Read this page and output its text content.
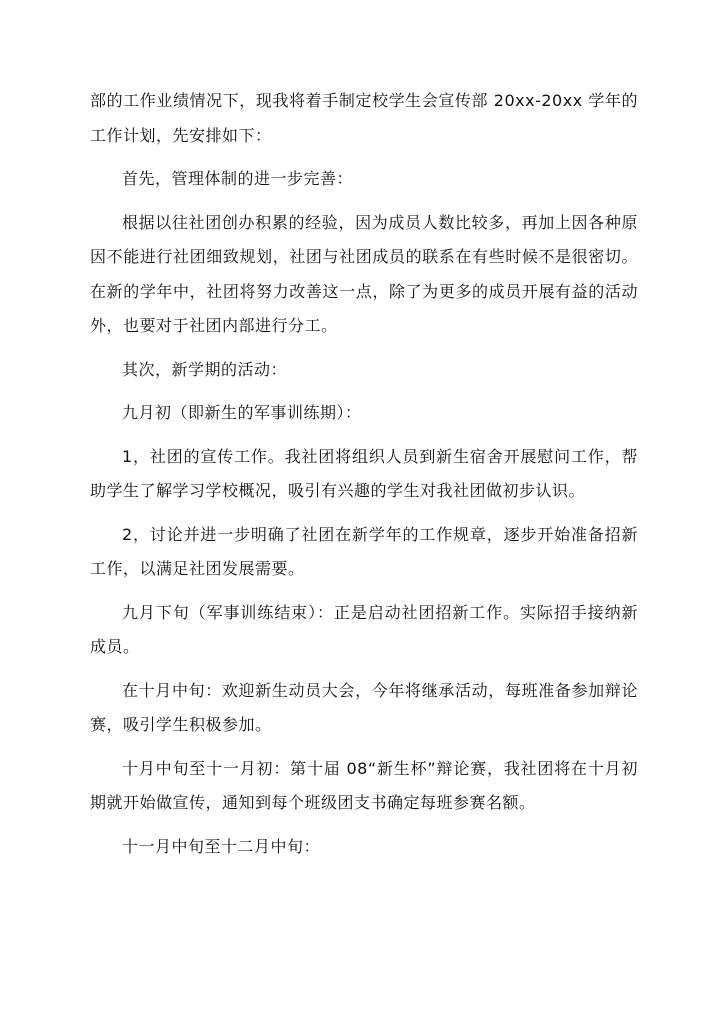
部的工作业绩情况下，现我将着手制定校学生会宣传部 20xx-20xx 学年的工作计划，先安排如下：

首先，管理体制的进一步完善：

根据以往社团创办积累的经验，因为成员人数比较多，再加上因各种原因不能进行社团细致规划，社团与社团成员的联系在有些时候不是很密切。在新的学年中，社团将努力改善这一点，除了为更多的成员开展有益的活动外，也要对于社团内部进行分工。

其次，新学期的活动：

九月初（即新生的军事训练期）：

1，社团的宣传工作。我社团将组织人员到新生宿舍开展慰问工作，帮助学生了解学习学校概况，吸引有兴趣的学生对我社团做初步认识。

2，讨论并进一步明确了社团在新学年的工作规章，逐步开始准备招新工作，以满足社团发展需要。

九月下旬（军事训练结束）：正是启动社团招新工作。实际招手接纳新成员。

在十月中旬：欢迎新生动员大会，今年将继承活动，每班准备参加辩论赛，吸引学生积极参加。

十月中旬至十一月初：第十届 08“新生杯”辩论赛，我社团将在十月初期就开始做宣传，通知到每个班级团支书确定每班参赛名额。

十一月中旬至十二月中旬：
